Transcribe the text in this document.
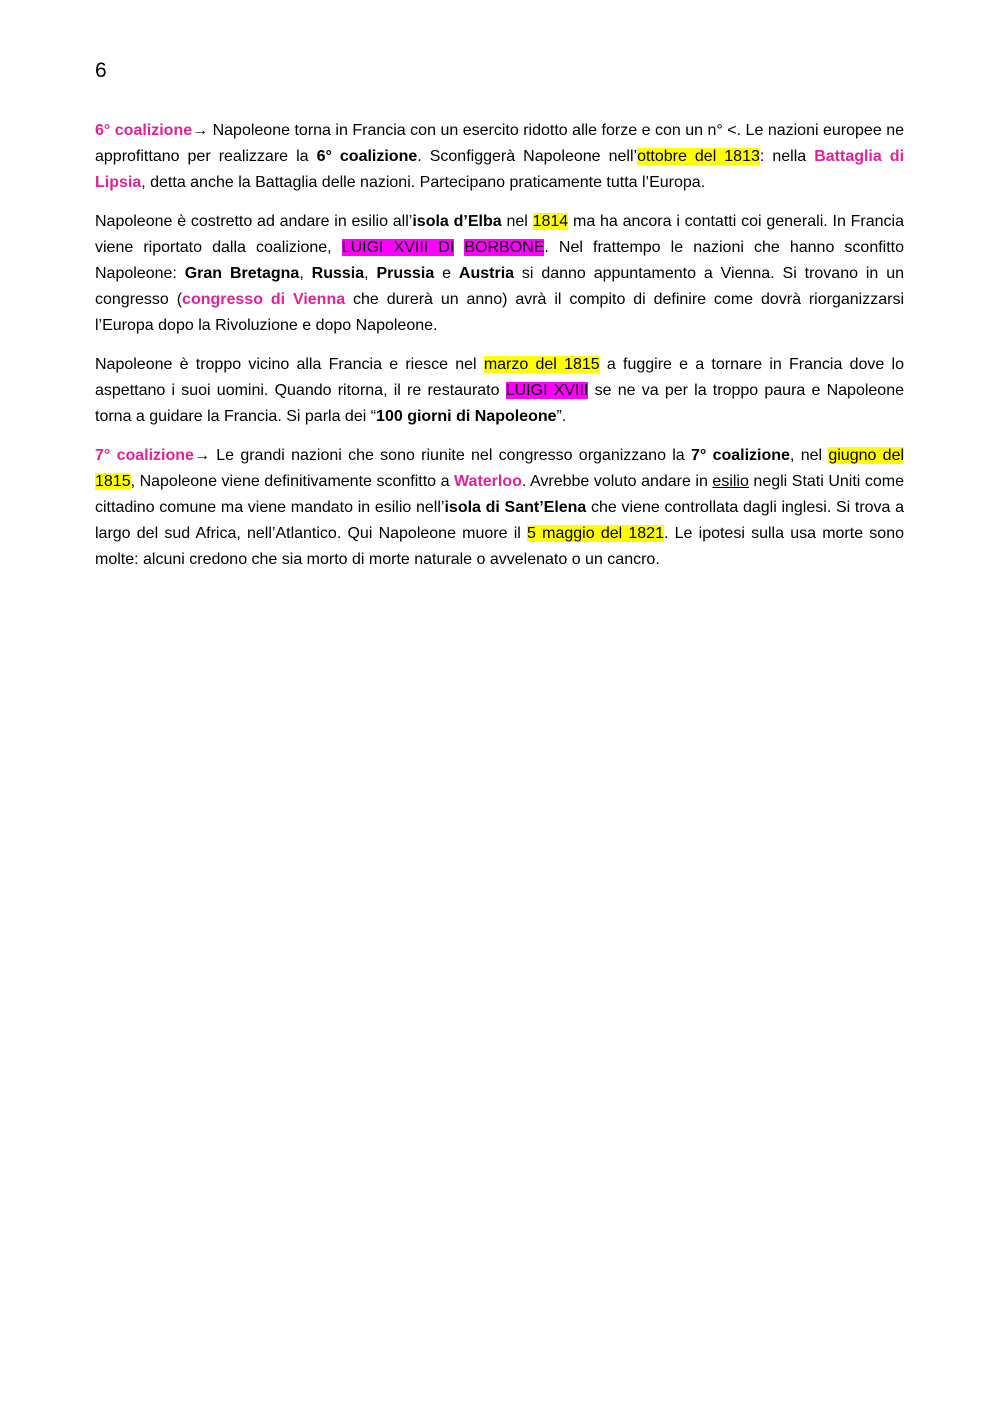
6

6° coalizione→ Napoleone torna in Francia con un esercito ridotto alle forze e con un n° <. Le nazioni europee ne approfittano per realizzare la 6° coalizione. Sconfiggerà Napoleone nell’ottobre del 1813: nella Battaglia di Lipsia, detta anche la Battaglia delle nazioni. Partecipano praticamente tutta l’Europa.

Napoleone è costretto ad andare in esilio all’isola d’Elba nel 1814 ma ha ancora i contatti coi generali. In Francia viene riportato dalla coalizione, LUIGI XVIII DI BORBONE. Nel frattempo le nazioni che hanno sconfitto Napoleone: Gran Bretagna, Russia, Prussia e Austria si danno appuntamento a Vienna. Si trovano in un congresso (congresso di Vienna che durerà un anno) avrà il compito di definire come dovrà riorganizzarsi l’Europa dopo la Rivoluzione e dopo Napoleone.

Napoleone è troppo vicino alla Francia e riesce nel marzo del 1815 a fuggire e a tornare in Francia dove lo aspettano i suoi uomini. Quando ritorna, il re restaurato LUIGI XVIII se ne va per la troppo paura e Napoleone torna a guidare la Francia. Si parla dei “100 giorni di Napoleone”.

7° coalizione→ Le grandi nazioni che sono riunite nel congresso organizzano la 7° coalizione, nel giugno del 1815, Napoleone viene definitivamente sconfitto a Waterloo. Avrebbe voluto andare in esilio negli Stati Uniti come cittadino comune ma viene mandato in esilio nell’isola di Sant’Elena che viene controllata dagli inglesi. Si trova a largo del sud Africa, nell’Atlantico. Qui Napoleone muore il 5 maggio del 1821. Le ipotesi sulla usa morte sono molte: alcuni credono che sia morto di morte naturale o avvelenato o un cancro.
